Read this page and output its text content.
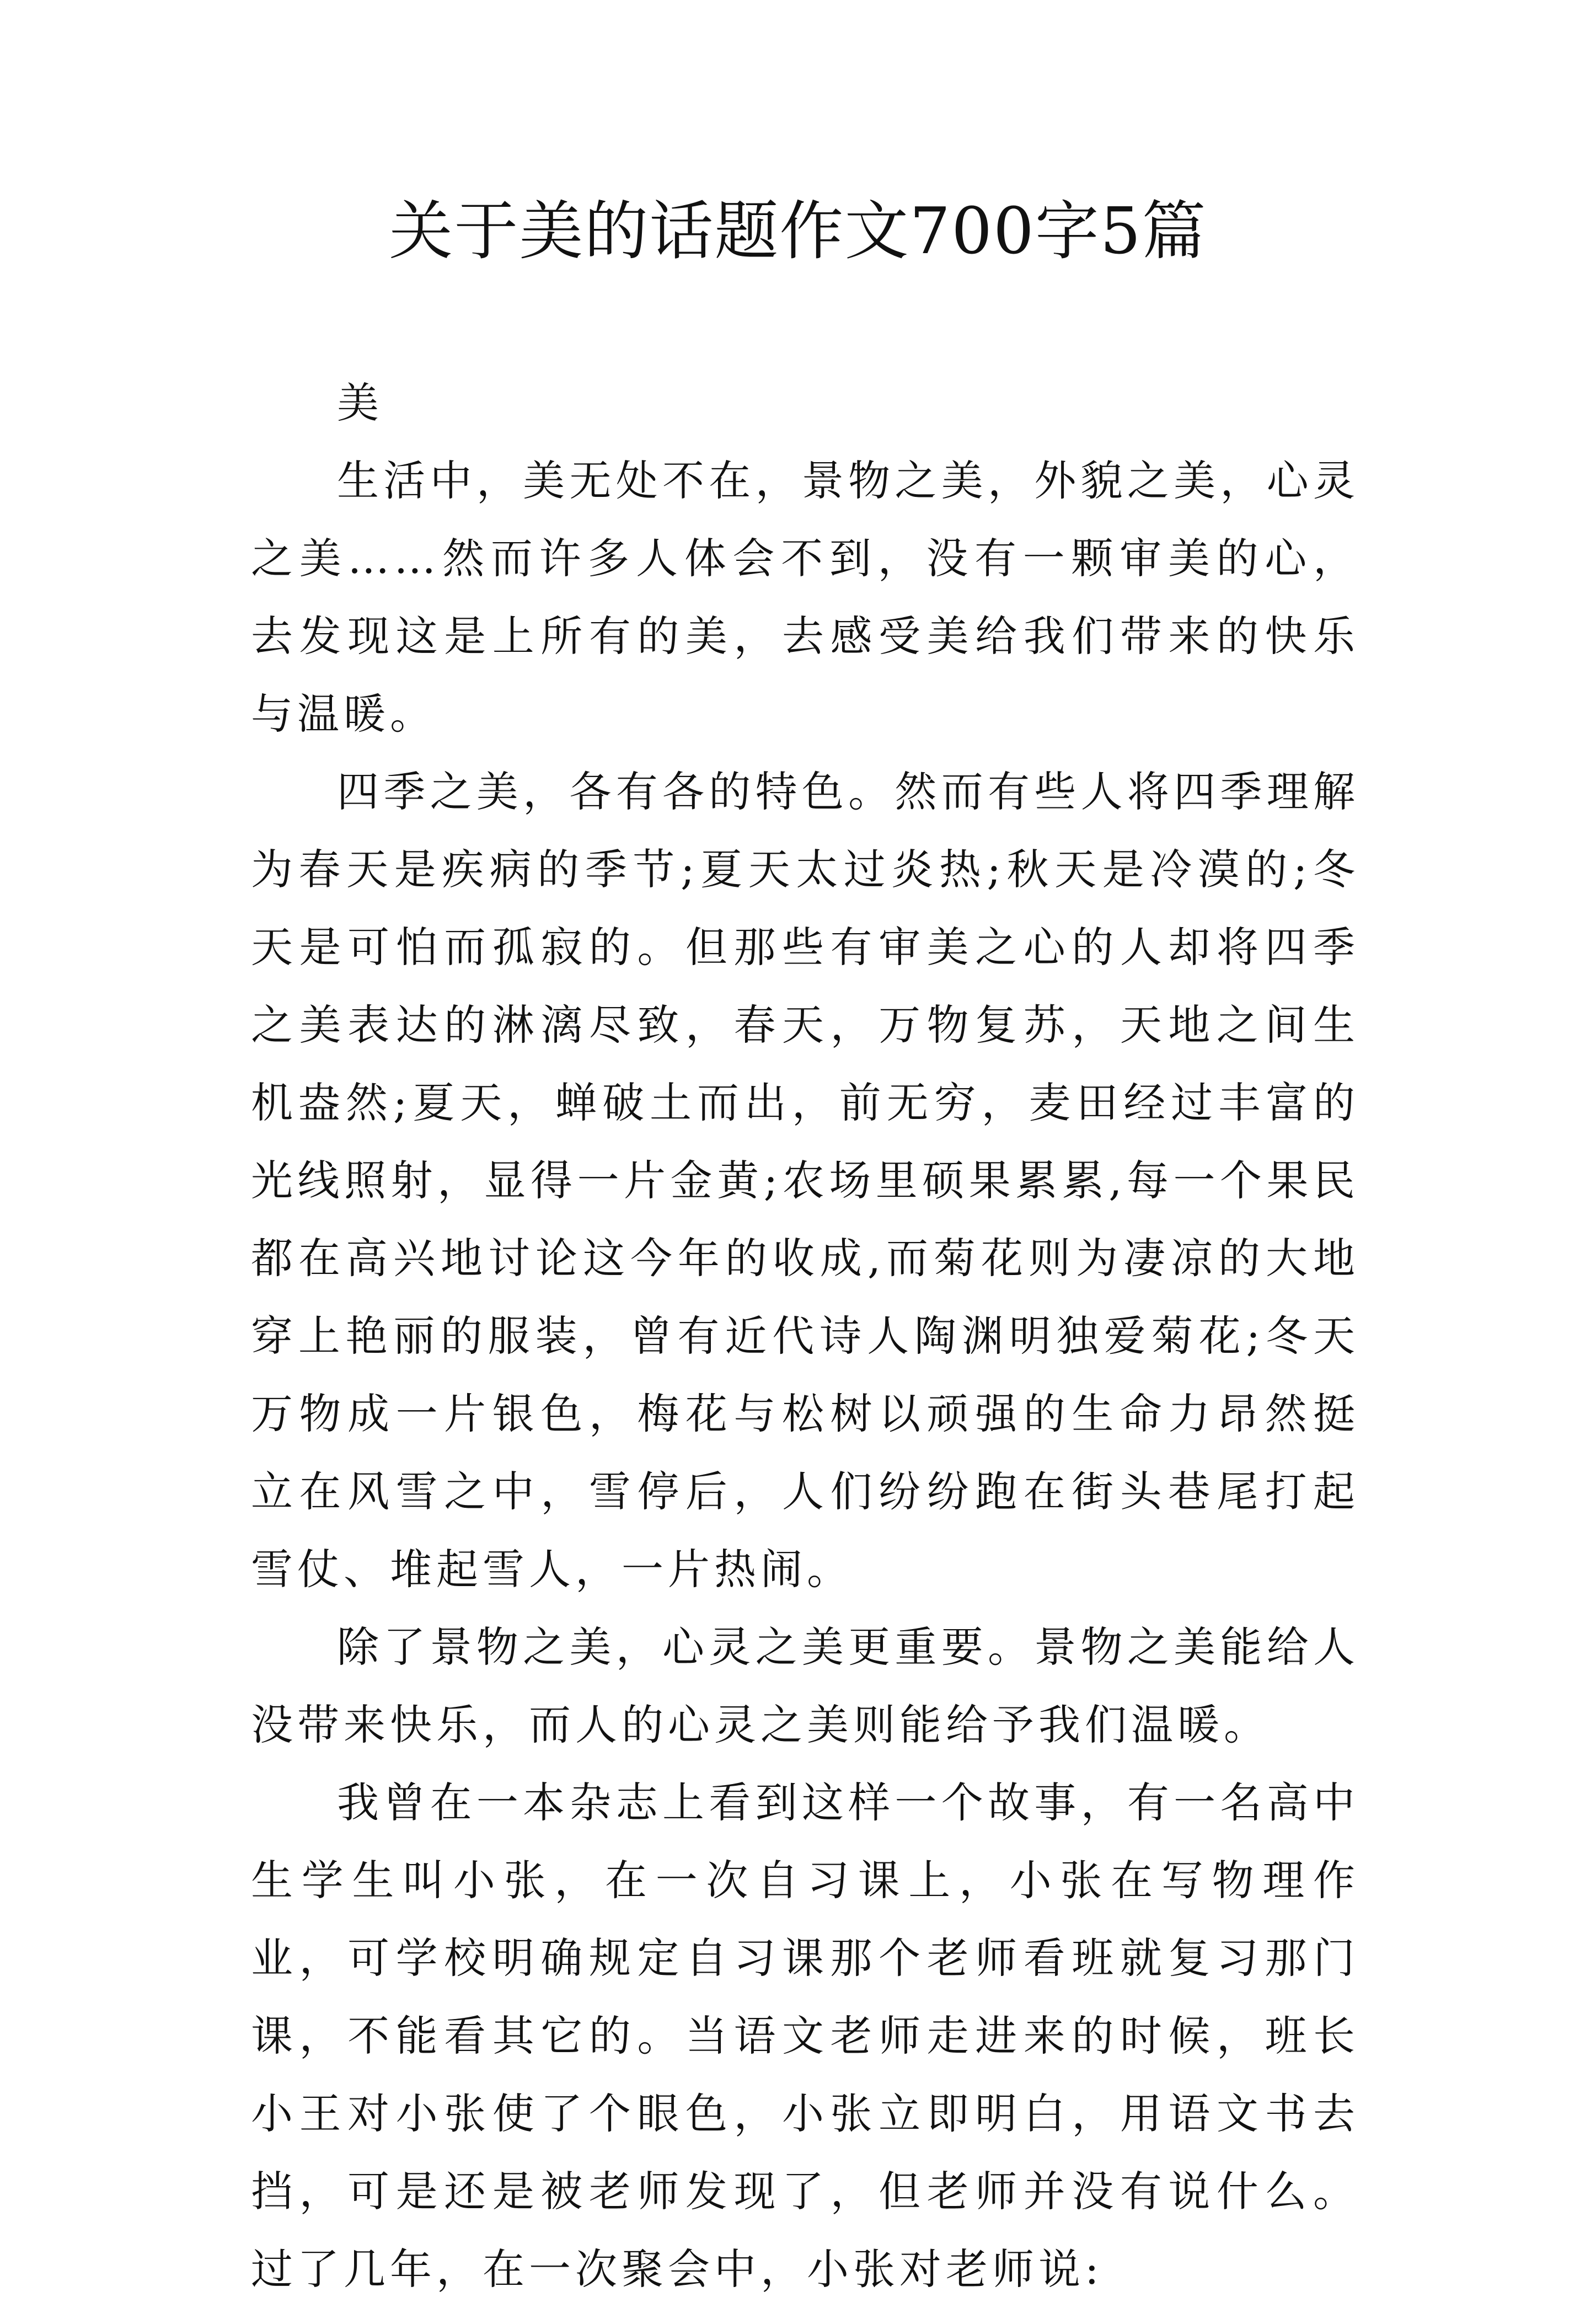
关于美的话题作文700字5篇

美

生活中，美无处不在，景物之美，外貌之美，心灵之美……然而许多人体会不到，没有一颗审美的心，去发现这是上所有的美，去感受美给我们带来的快乐与温暖。

四季之美，各有各的特色。然而有些人将四季理解为春天是疾病的季节;夏天太过炎热;秋天是冷漠的;冬天是可怕而孤寂的。但那些有审美之心的人却将四季之美表达的淋漓尽致，春天，万物复苏，天地之间生机盎然;夏天，蝉破土而出，前无穷，麦田经过丰富的光线照射，显得一片金黄;农场里硕果累累,每一个果民都在高兴地讨论这今年的收成,而菊花则为凄凉的大地穿上艳丽的服装，曾有近代诗人陶渊明独爱菊花;冬天万物成一片银色，梅花与松树以顽强的生命力昂然挺立在风雪之中，雪停后，人们纷纷跑在街头巷尾打起雪仗、堆起雪人，一片热闹。

除了景物之美，心灵之美更重要。景物之美能给人没带来快乐，而人的心灵之美则能给予我们温暖。

我曾在一本杂志上看到这样一个故事，有一名高中生学生叫小张，在一次自习课上，小张在写物理作业，可学校明确规定自习课那个老师看班就复习那门课，不能看其它的。当语文老师走进来的时候，班长小王对小张使了个眼色，小张立即明白，用语文书去挡，可是还是被老师发现了，但老师并没有说什么。过了几年，在一次聚会中，小张对老师说:
